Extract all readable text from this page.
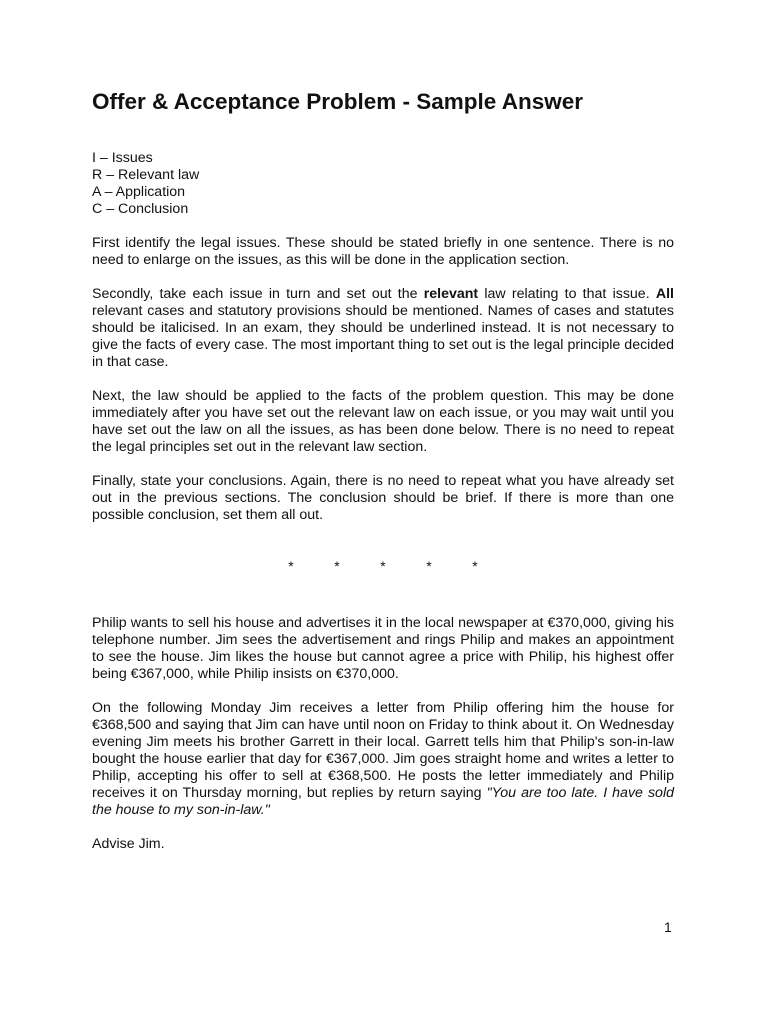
Offer & Acceptance Problem - Sample Answer
I – Issues
R – Relevant law
A – Application
C – Conclusion

First identify the legal issues. These should be stated briefly in one sentence. There is no need to enlarge on the issues, as this will be done in the application section.

Secondly, take each issue in turn and set out the relevant law relating to that issue. All relevant cases and statutory provisions should be mentioned. Names of cases and statutes should be italicised. In an exam, they should be underlined instead. It is not necessary to give the facts of every case. The most important thing to set out is the legal principle decided in that case.

Next, the law should be applied to the facts of the problem question. This may be done immediately after you have set out the relevant law on each issue, or you may wait until you have set out the law on all the issues, as has been done below. There is no need to repeat the legal principles set out in the relevant law section.

Finally, state your conclusions. Again, there is no need to repeat what you have already set out in the previous sections. The conclusion should be brief. If there is more than one possible conclusion, set them all out.

*	*	*	*	*

Philip wants to sell his house and advertises it in the local newspaper at €370,000, giving his telephone number. Jim sees the advertisement and rings Philip and makes an appointment to see the house. Jim likes the house but cannot agree a price with Philip, his highest offer being €367,000, while Philip insists on €370,000.

On the following Monday Jim receives a letter from Philip offering him the house for €368,500 and saying that Jim can have until noon on Friday to think about it. On Wednesday evening Jim meets his brother Garrett in their local. Garrett tells him that Philip's son-in-law bought the house earlier that day for €367,000. Jim goes straight home and writes a letter to Philip, accepting his offer to sell at €368,500. He posts the letter immediately and Philip receives it on Thursday morning, but replies by return saying "You are too late. I have sold the house to my son-in-law."

Advise Jim.

1
